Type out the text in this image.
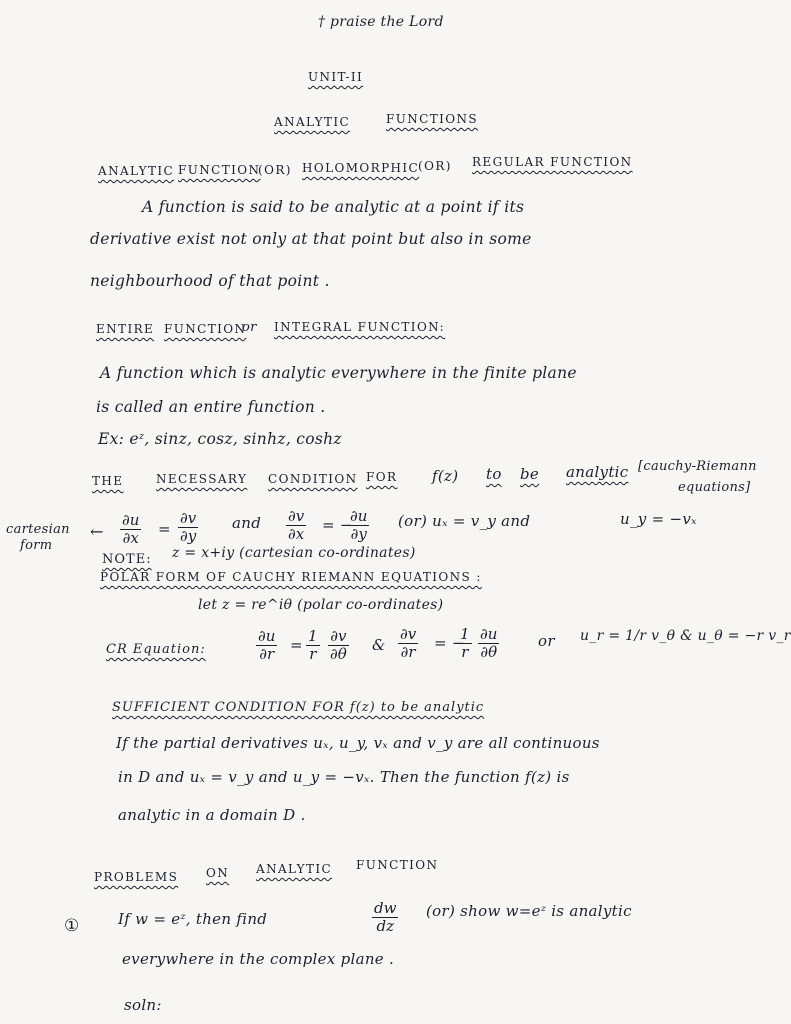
† praise the Lord
UNIT-II
ANALYTIC	FUNCTIONS
ANALYTIC FUNCTION
(OR) HOLOMORPHIC
(OR) REGULAR FUNCTION
A function is said to be analytic at a point if its
derivative exist not only at that point but also in some
neighbourhood of that point .
ENTIRE FUNCTION
or INTEGRAL FUNCTION:
A function which is analytic everywhere in the finite plane
is called an entire function .
Ex: eᶻ, sinz, cosz, sinhz, coshz
THE	NECESSARY CONDITION FOR f(z) to be analytic [cauchy-Riemann
equations]
cartesian
form
← $\frac{\partial u}{\partial x} = \frac{\partial v}{\partial y}$ and $\frac{\partial v}{\partial x}$ = −
$\frac{\partial u}{\partial y} (or) u_x$ = v_y and	u_y = −vₓ
NOTE: z = x+iy (cartesian co-ordinates)
POLAR FORM OF CAUCHY RIEMANN EQUATIONS :
let z = re^iθ (polar co-ordinates)
CR Equation:	$\frac{\partial u}{\partial r} = \frac{1}{r} \frac{\partial v}{\partial\theta}$ & $\frac{\partial v}{\partial r}$ = −
$\frac{1}{r} \frac{\partial u}{\partial\theta}$	or u_r = 1/r v_θ & u_θ = −r v_r
SUFFICIENT CONDITION FOR f(z) to be analytic
If the partial derivatives uₓ, u_y, vₓ and v_y are all continuous
in D and uₓ = v_y and u_y = −vₓ. Then the function f(z) is
analytic in a domain D .
PROBLEMS ON ANALYTIC FUNCTION
①	If w = eᶻ, then find	$\frac{dw}{dz} (or)$ show w=eᶻ is analytic
everywhere in the complex plane .
soln:
